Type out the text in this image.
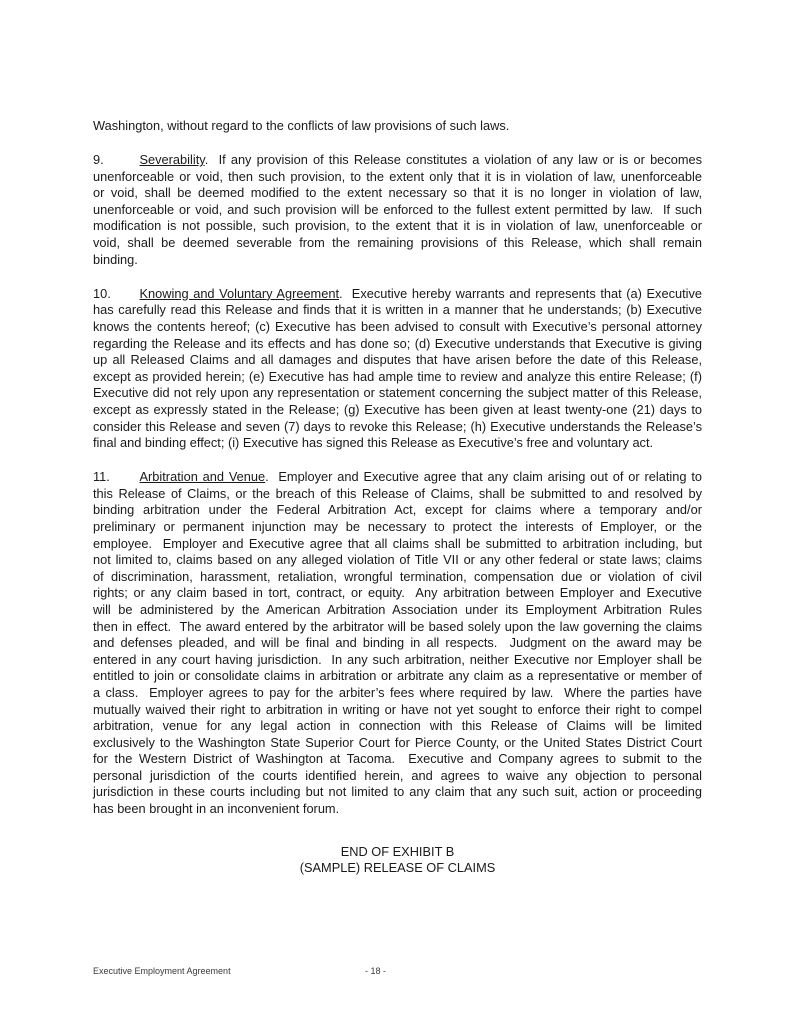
Washington, without regard to the conflicts of law provisions of such laws.
9.	Severability.  If any provision of this Release constitutes a violation of any law or is or becomes
unenforceable or void, then such provision, to the extent only that it is in violation of law, unenforceable
or void, shall be deemed modified to the extent necessary so that it is no longer in violation of law,
unenforceable or void, and such provision will be enforced to the fullest extent permitted by law.  If such
modification is not possible, such provision, to the extent that it is in violation of law, unenforceable or
void, shall be deemed severable from the remaining provisions of this Release, which shall remain
binding.
10. Knowing and Voluntary Agreement.  Executive hereby warrants and represents that (a) Executive
has carefully read this Release and finds that it is written in a manner that he understands; (b) Executive
knows the contents hereof; (c) Executive has been advised to consult with Executive’s personal attorney
regarding the Release and its effects and has done so; (d) Executive understands that Executive is giving
up all Released Claims and all damages and disputes that have arisen before the date of this Release,
except as provided herein; (e) Executive has had ample time to review and analyze this entire Release; (f)
Executive did not rely upon any representation or statement concerning the subject matter of this Release,
except as expressly stated in the Release; (g) Executive has been given at least twenty-one (21) days to
consider this Release and seven (7) days to revoke this Release; (h) Executive understands the Release’s
final and binding effect; (i) Executive has signed this Release as Executive’s free and voluntary act.
11. Arbitration and Venue.  Employer and Executive agree that any claim arising out of or relating to
this Release of Claims, or the breach of this Release of Claims, shall be submitted to and resolved by
binding arbitration under the Federal Arbitration Act, except for claims where a temporary and/or
preliminary or permanent injunction may be necessary to protect the interests of Employer, or the
employee.  Employer and Executive agree that all claims shall be submitted to arbitration including, but
not limited to, claims based on any alleged violation of Title VII or any other federal or state laws; claims
of discrimination, harassment, retaliation, wrongful termination, compensation due or violation of civil
rights; or any claim based in tort, contract, or equity.  Any arbitration between Employer and Executive
will be administered by the American Arbitration Association under its Employment Arbitration Rules
then in effect.  The award entered by the arbitrator will be based solely upon the law governing the claims
and defenses pleaded, and will be final and binding in all respects.  Judgment on the award may be
entered in any court having jurisdiction.  In any such arbitration, neither Executive nor Employer shall be
entitled to join or consolidate claims in arbitration or arbitrate any claim as a representative or member of
a class.  Employer agrees to pay for the arbiter’s fees where required by law.  Where the parties have
mutually waived their right to arbitration in writing or have not yet sought to enforce their right to compel
arbitration, venue for any legal action in connection with this Release of Claims will be limited
exclusively to the Washington State Superior Court for Pierce County, or the United States District Court
for the Western District of Washington at Tacoma.  Executive and Company agrees to submit to the
personal jurisdiction of the courts identified herein, and agrees to waive any objection to personal
jurisdiction in these courts including but not limited to any claim that any such suit, action or proceeding
has been brought in an inconvenient forum.
END OF EXHIBIT B
(SAMPLE) RELEASE OF CLAIMS
Executive Employment Agreement	- 18 -
